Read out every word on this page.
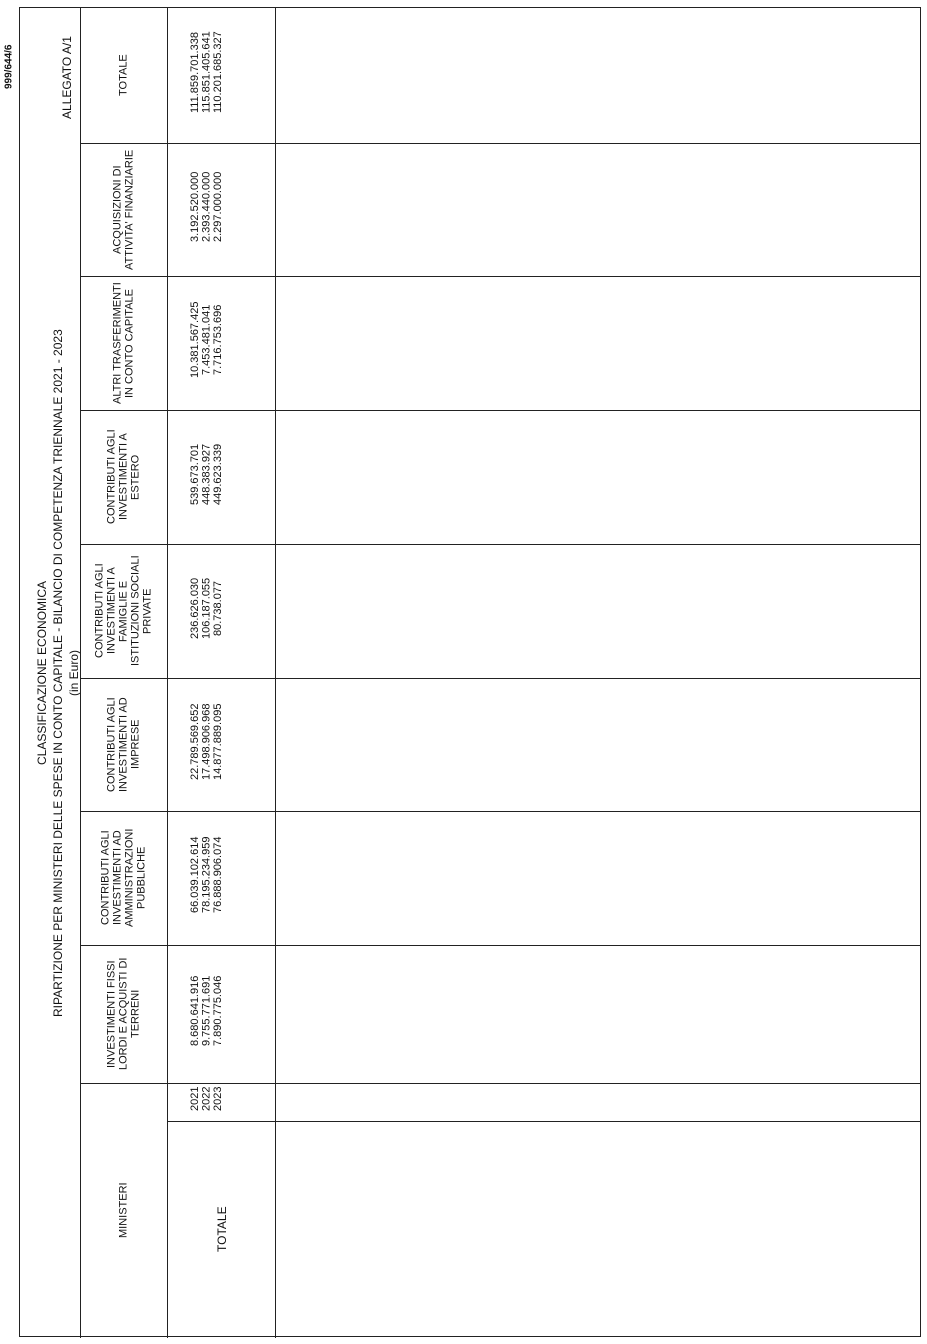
999/644/6
CLASSIFICAZIONE ECONOMICA RIPARTIZIONE PER MINISTERI DELLE SPESE IN CONTO CAPITALE - BILANCIO DI COMPETENZA TRIENNALE 2021 - 2023 (in Euro)
ALLEGATO A/1	TOTALE
ACQUISIZIONI DI ATTIVITA' FINANZIARIE
ALTRI TRASFERIMENTI IN CONTO CAPITALE
CONTRIBUTI AGLI INVESTIMENTI A ESTERO
CONTRIBUTI AGLI INVESTIMENTI A FAMIGLIE E ISTITUZIONI SOCIALI PRIVATE
CONTRIBUTI AGLI INVESTIMENTI AD IMPRESE
CONTRIBUTI AGLI INVESTIMENTI AD AMMINISTRAZIONI PUBBLICHE
INVESTIMENTI FISSI LORDI E ACQUISTI DI TERRENI
MINISTERI
111.859.701.338 115.851.405.641 110.201.685.327
3.192.520.000 2.393.440.000 2.297.000.000
10.381.567.425 7.453.481.041 7.716.753.696
539.673.701 448.383.927 449.623.339
236.626.030 106.187.055 80.738.077
22.789.569.652 17.498.906.968 14.877.889.095
66.039.102.614 78.195.234.959 76.888.906.074
8.680.641.916 9.755.771.691 7.890.775.046
2021 2022 2023
TOTALE
